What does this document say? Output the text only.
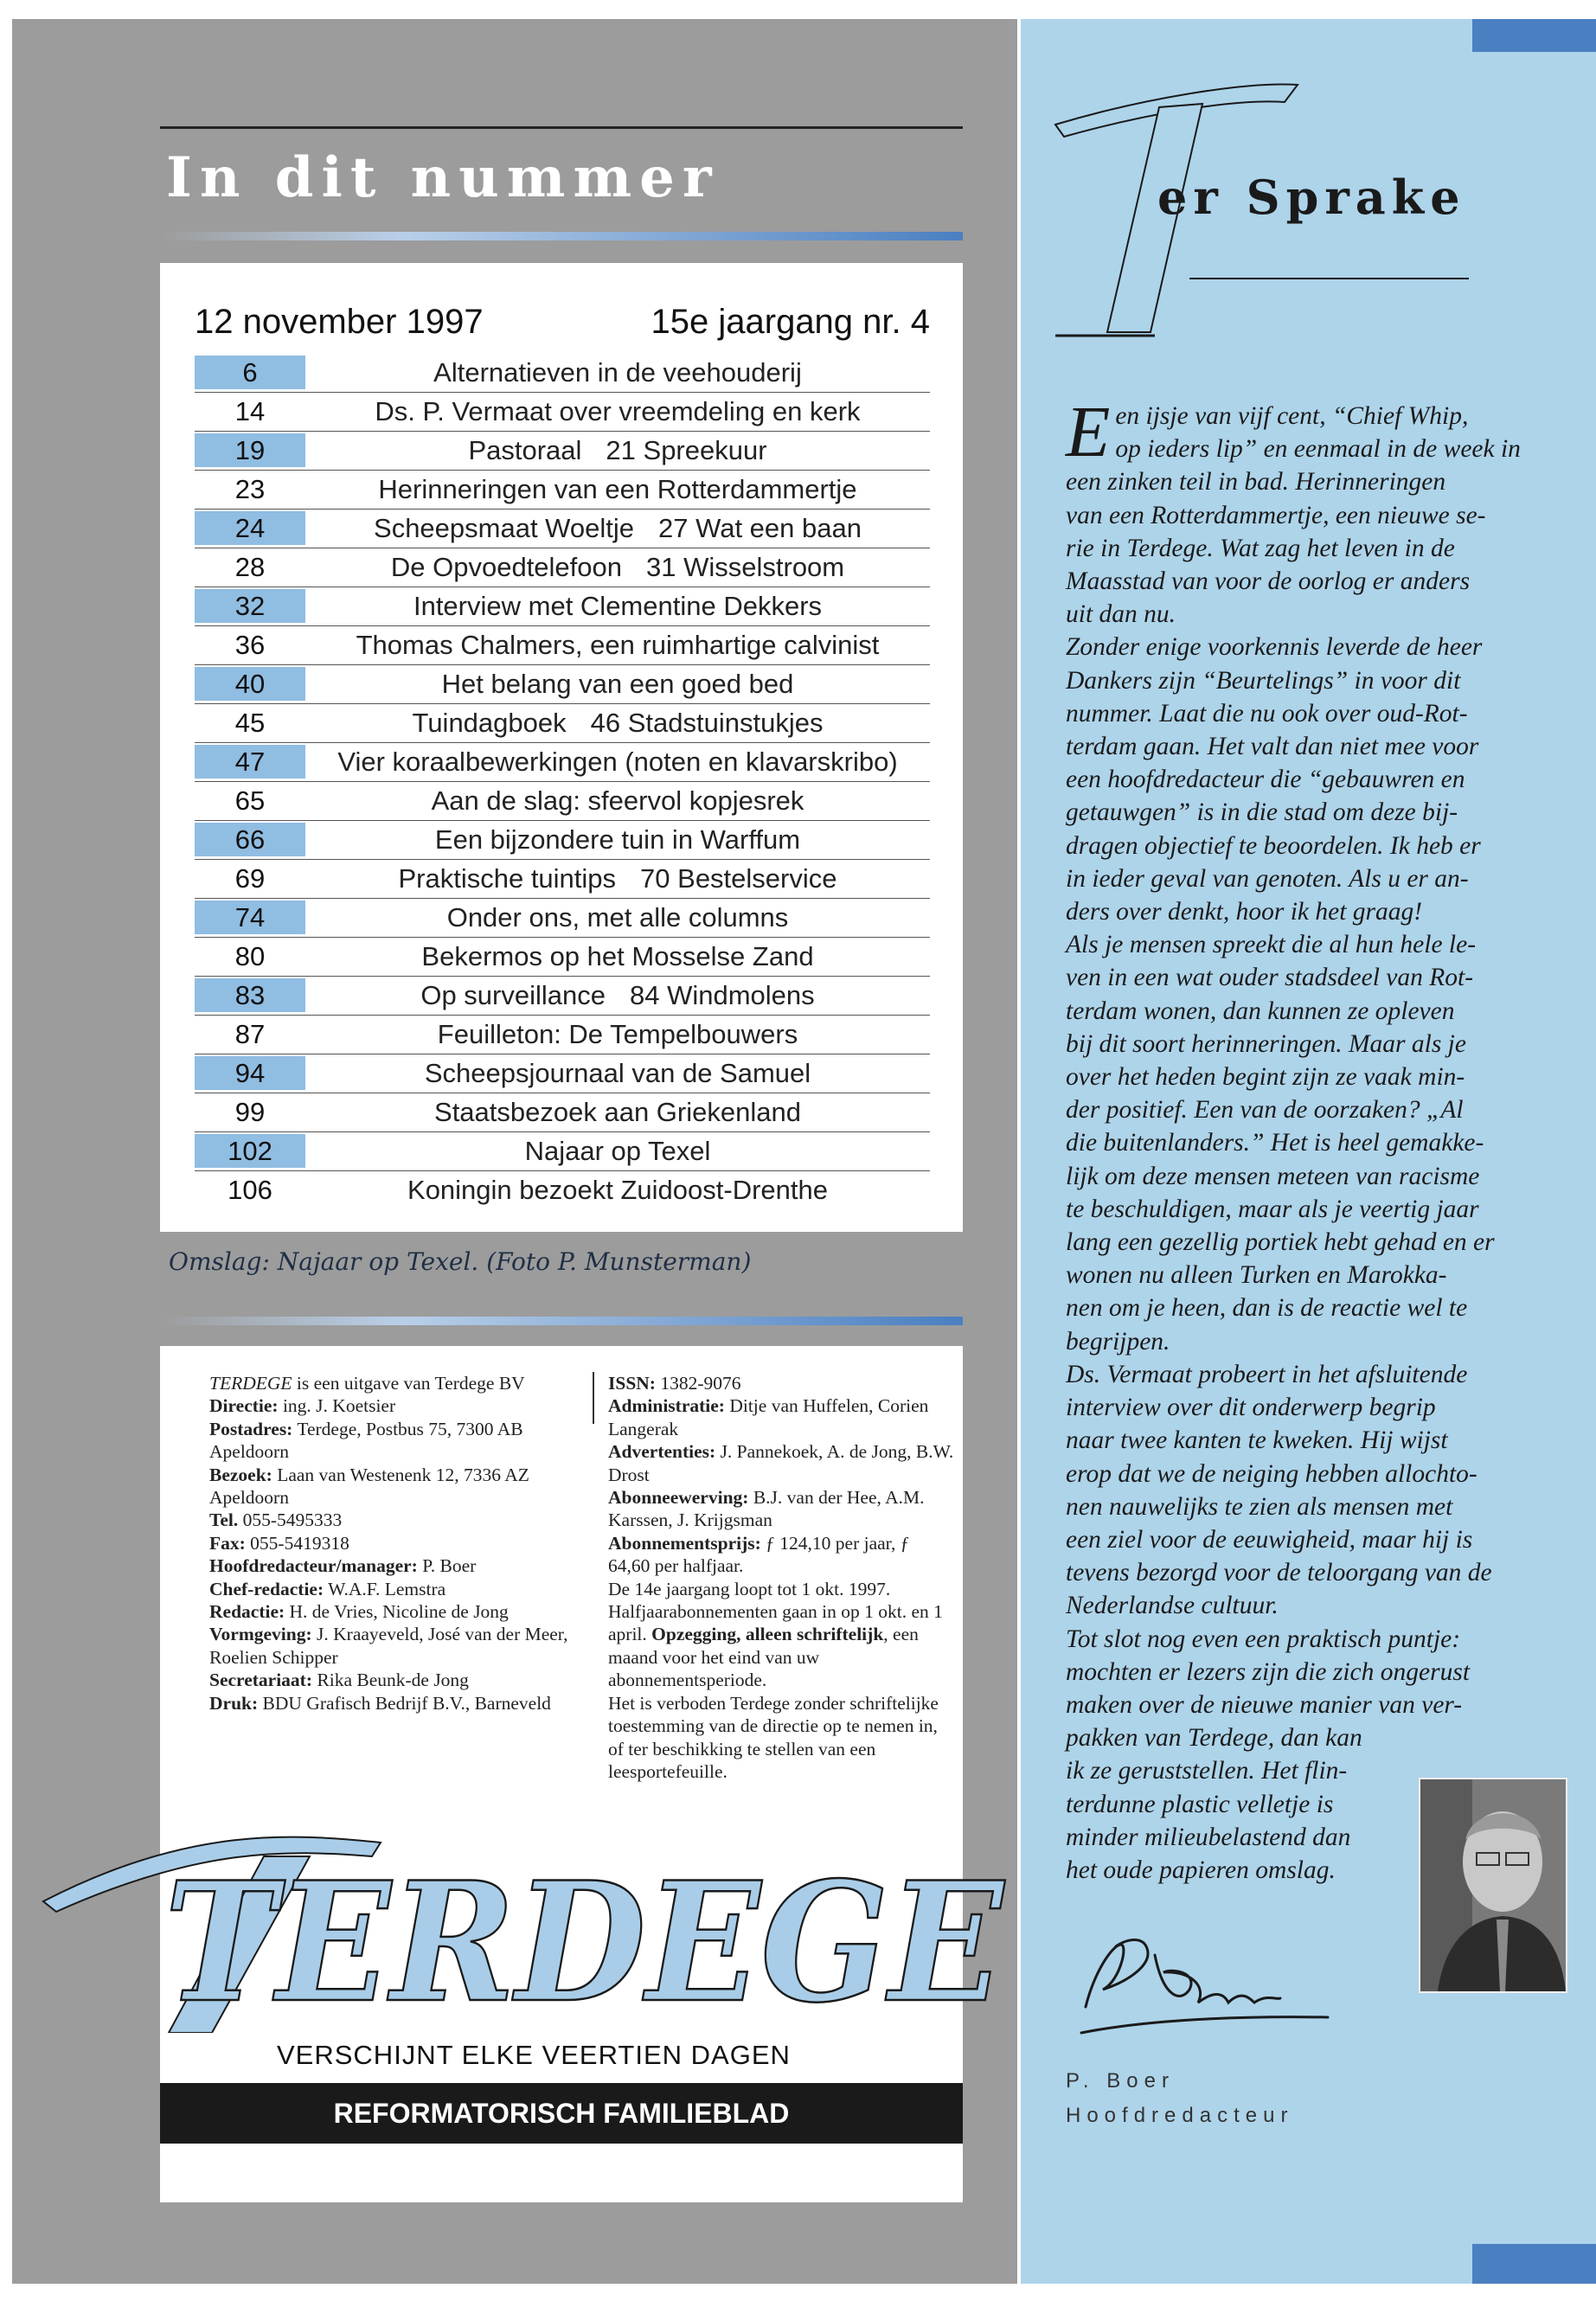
In dit nummer
12 november 1997	15e jaargang nr. 4
6	Alternatieven in de veehouderij
14	Ds. P. Vermaat over vreemdeling en kerk
19	Pastoraal 21 Spreekuur
23	Herinneringen van een Rotterdammertje
24	Scheepsmaat Woeltje 27 Wat een baan
28	De Opvoedtelefoon 31 Wisselstroom
32	Interview met Clementine Dekkers
36	Thomas Chalmers, een ruimhartige calvinist
40	Het belang van een goed bed
45	Tuindagboek 46 Stadstuinstukjes
47	Vier koraalbewerkingen (noten en klavarskribo)
65	Aan de slag: sfeervol kopjesrek
66	Een bijzondere tuin in Warffum
69	Praktische tuintips 70 Bestelservice
74	Onder ons, met alle columns
80	Bekermos op het Mosselse Zand
83	Op surveillance 84 Windmolens
87	Feuilleton: De Tempelbouwers
94	Scheepsjournaal van de Samuel
99	Staatsbezoek aan Griekenland
102	Najaar op Texel
106	Koningin bezoekt Zuidoost-Drenthe
Omslag: Najaar op Texel. (Foto P. Munsterman)
TERDEGE is een uitgave van Terdege BV
Directie: ing. J. Koetsier
Postadres: Terdege, Postbus 75, 7300 AB Apeldoorn
Bezoek: Laan van Westenenk 12, 7336 AZ Apeldoorn
Tel. 055-5495333
Fax: 055-5419318
Hoofdredacteur/manager: P. Boer
Chef-redactie: W.A.F. Lemstra
Redactie: H. de Vries, Nicoline de Jong
Vormgeving: J. Kraayeveld, José van der Meer, Roelien Schipper
Secretariaat: Rika Beunk-de Jong
Druk: BDU Grafisch Bedrijf B.V., Barneveld
ISSN: 1382-9076
Administratie: Ditje van Huffelen, Corien Langerak
Advertenties: J. Pannekoek, A. de Jong, B.W. Drost
Abonneewerving: B.J. van der Hee, A.M. Karssen, J. Krijgsman
Abonnementsprijs: ƒ 124,10 per jaar, ƒ 64,60 per halfjaar.
De 14e jaargang loopt tot 1 okt. 1997.
Halfjaarabonnementen gaan in op 1 okt. en 1 april. Opzegging, alleen schriftelijk, een maand voor het eind van uw abonnementsperiode.
Het is verboden Terdege zonder schriftelijke toestemming van de directie op te nemen in, of ter beschikking te stellen van een leesportefeuille.
TERDEGE
VERSCHIJNT ELKE VEERTIEN DAGEN
REFORMATORISCH FAMILIEBLAD
T
er Sprake
E en ijsje van vijf cent, “Chief Whip,
op ieders lip” en eenmaal in de week in
een zinken teil in bad. Herinneringen
van een Rotterdammertje, een nieuwe se-
rie in Terdege. Wat zag het leven in de
Maasstad van voor de oorlog er anders
uit dan nu.
Zonder enige voorkennis leverde de heer
Dankers zijn “Beurtelings” in voor dit
nummer. Laat die nu ook over oud-Rot-
terdam gaan. Het valt dan niet mee voor
een hoofdredacteur die “gebauwren en
getauwgen” is in die stad om deze bij-
dragen objectief te beoordelen. Ik heb er
in ieder geval van genoten. Als u er an-
ders over denkt, hoor ik het graag!
Als je mensen spreekt die al hun hele le-
ven in een wat ouder stadsdeel van Rot-
terdam wonen, dan kunnen ze opleven
bij dit soort herinneringen. Maar als je
over het heden begint zijn ze vaak min-
der positief. Een van de oorzaken? „Al
die buitenlanders.” Het is heel gemakke-
lijk om deze mensen meteen van racisme
te beschuldigen, maar als je veertig jaar
lang een gezellig portiek hebt gehad en er
wonen nu alleen Turken en Marokka-
nen om je heen, dan is de reactie wel te
begrijpen.
Ds. Vermaat probeert in het afsluitende
interview over dit onderwerp begrip
naar twee kanten te kweken. Hij wijst
erop dat we de neiging hebben allochto-
nen nauwelijks te zien als mensen met
een ziel voor de eeuwigheid, maar hij is
tevens bezorgd voor de teloorgang van de
Nederlandse cultuur.
Tot slot nog even een praktisch puntje:
mochten er lezers zijn die zich ongerust
maken over de nieuwe manier van ver-
pakken van Terdege, dan kan
ik ze geruststellen. Het flin-
terdunne plastic velletje is
minder milieubelastend dan
het oude papieren omslag.
P. Boer
Hoofdredacteur
